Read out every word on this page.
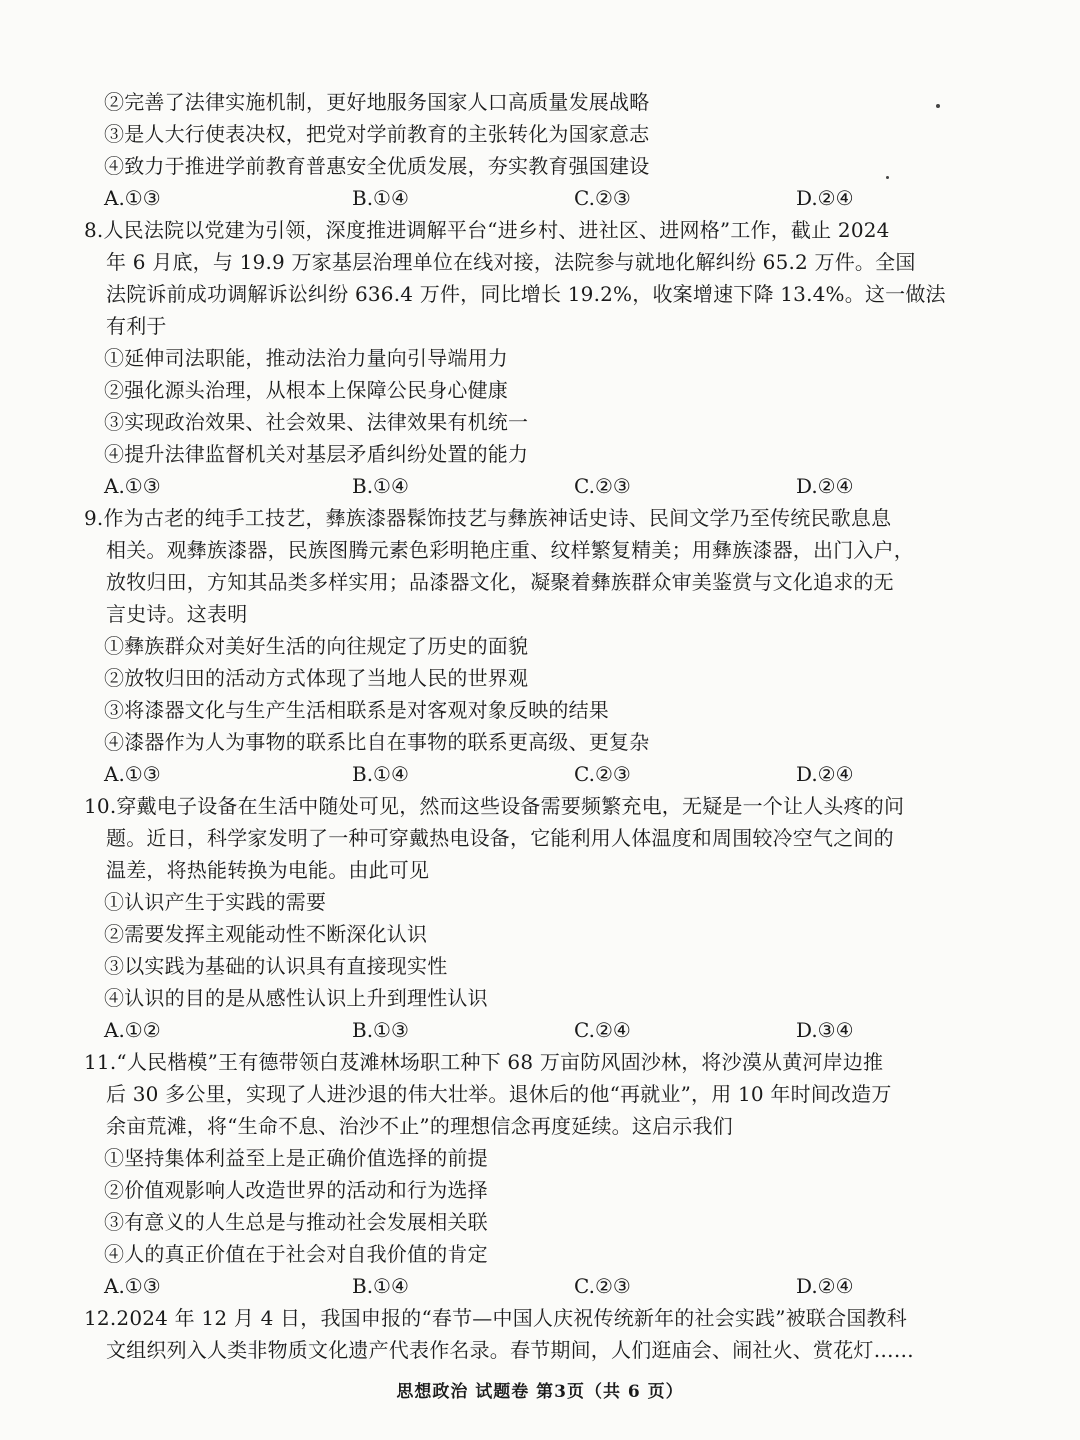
②完善了法律实施机制，更好地服务国家人口高质量发展战略
③是人大行使表决权，把党对学前教育的主张转化为国家意志
④致力于推进学前教育普惠安全优质发展，夯实教育强国建设
A.①③	B.①④	C.②③	D.②④
8.人民法院以党建为引领，深度推进调解平台“进乡村、进社区、进网格”工作，截止 2024
年 6 月底，与 19.9 万家基层治理单位在线对接，法院参与就地化解纠纷 65.2 万件。全国
法院诉前成功调解诉讼纠纷 636.4 万件，同比增长 19.2%，收案增速下降 13.4%。这一做法
有利于
①延伸司法职能，推动法治力量向引导端用力
②强化源头治理，从根本上保障公民身心健康
③实现政治效果、社会效果、法律效果有机统一
④提升法律监督机关对基层矛盾纠纷处置的能力
A.①③	B.①④	C.②③	D.②④
9.作为古老的纯手工技艺，彝族漆器髹饰技艺与彝族神话史诗、民间文学乃至传统民歌息息
相关。观彝族漆器，民族图腾元素色彩明艳庄重、纹样繁复精美；用彝族漆器，出门入户，
放牧归田，方知其品类多样实用；品漆器文化，凝聚着彝族群众审美鉴赏与文化追求的无
言史诗。这表明
①彝族群众对美好生活的向往规定了历史的面貌
②放牧归田的活动方式体现了当地人民的世界观
③将漆器文化与生产生活相联系是对客观对象反映的结果
④漆器作为人为事物的联系比自在事物的联系更高级、更复杂
A.①③	B.①④	C.②③	D.②④
10.穿戴电子设备在生活中随处可见，然而这些设备需要频繁充电，无疑是一个让人头疼的问
题。近日，科学家发明了一种可穿戴热电设备，它能利用人体温度和周围较冷空气之间的
温差，将热能转换为电能。由此可见
①认识产生于实践的需要
②需要发挥主观能动性不断深化认识
③以实践为基础的认识具有直接现实性
④认识的目的是从感性认识上升到理性认识
A.①②	B.①③	C.②④	D.③④
11.“人民楷模”王有德带领白芨滩林场职工种下 68 万亩防风固沙林，将沙漠从黄河岸边推
后 30 多公里，实现了人进沙退的伟大壮举。退休后的他“再就业”，用 10 年时间改造万
余亩荒滩，将“生命不息、治沙不止”的理想信念再度延续。这启示我们
①坚持集体利益至上是正确价值选择的前提
②价值观影响人改造世界的活动和行为选择
③有意义的人生总是与推动社会发展相关联
④人的真正价值在于社会对自我价值的肯定
A.①③	B.①④	C.②③	D.②④
12.2024 年 12 月 4 日，我国申报的“春节—中国人庆祝传统新年的社会实践”被联合国教科
文组织列入人类非物质文化遗产代表作名录。春节期间，人们逛庙会、闹社火、赏花灯……
思想政治 试题卷 第3页（共 6 页）
